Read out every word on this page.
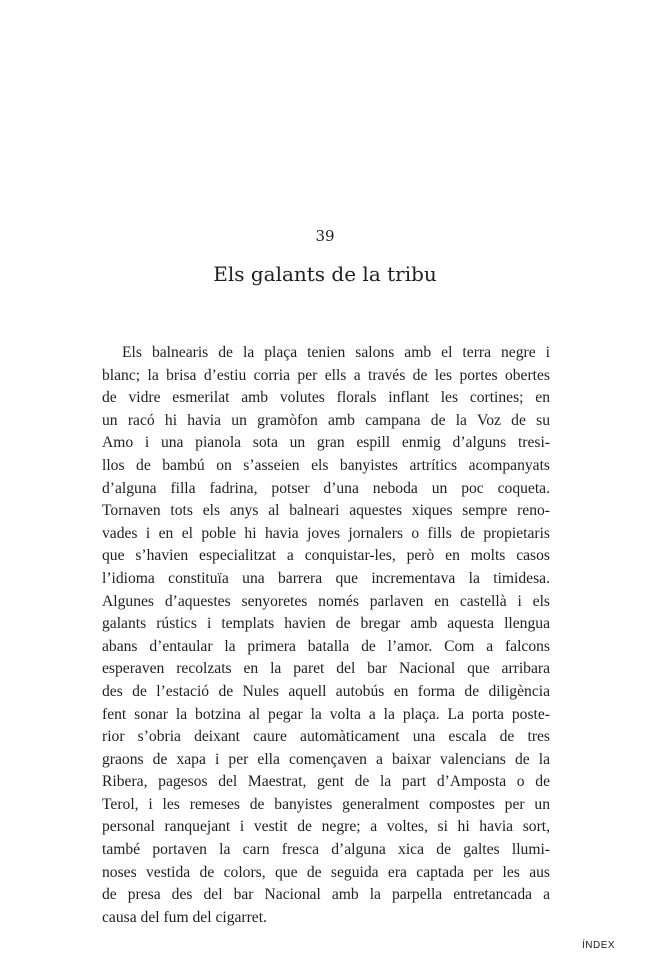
39
Els galants de la tribu
Els balnearis de la plaça tenien salons amb el terra negre i
blanc; la brisa d’estiu corria per ells a través de les portes obertes
de vidre esmerilat amb volutes florals inflant les cortines; en
un racó hi havia un gramòfon amb campana de la Voz de su
Amo i una pianola sota un gran espill enmig d’alguns tresi-
llos de bambú on s’asseien els banyistes artrítics acompanyats
d’alguna filla fadrina, potser d’una neboda un poc coqueta.
Tornaven tots els anys al balneari aquestes xiques sempre reno-
vades i en el poble hi havia joves jornalers o fills de propietaris
que s’havien especialitzat a conquistar-les, però en molts casos
l’idioma constituïa una barrera que incrementava la timidesa.
Algunes d’aquestes senyoretes només parlaven en castellà i els
galants rústics i templats havien de bregar amb aquesta llengua
abans d’entaular la primera batalla de l’amor. Com a falcons
esperaven recolzats en la paret del bar Nacional que arribara
des de l’estació de Nules aquell autobús en forma de diligència
fent sonar la botzina al pegar la volta a la plaça. La porta poste-
rior s’obria deixant caure automàticament una escala de tres
graons de xapa i per ella començaven a baixar valencians de la
Ribera, pagesos del Maestrat, gent de la part d’Amposta o de
Terol, i les remeses de banyistes generalment compostes per un
personal ranquejant i vestit de negre; a voltes, si hi havia sort,
també portaven la carn fresca d’alguna xica de galtes llumi-
noses vestida de colors, que de seguida era captada per les aus
de presa des del bar Nacional amb la parpella entretancada a
causa del fum del cigarret.
ÍNDEX
